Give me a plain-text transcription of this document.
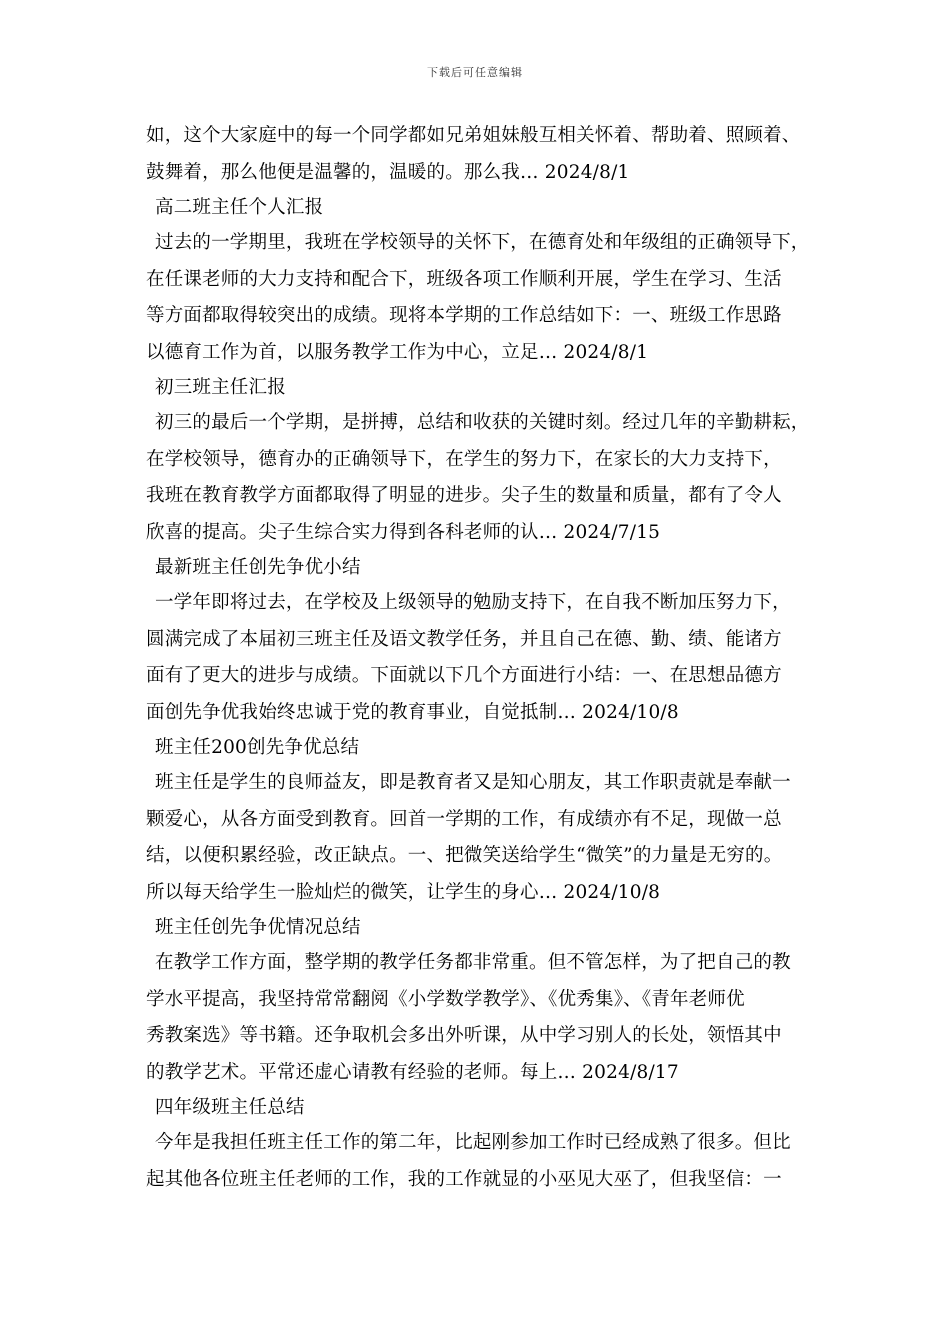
下载后可任意编辑
如，这个大家庭中的每一个同学都如兄弟姐妹般互相关怀着、帮助着、照顾着、
鼓舞着，那么他便是温馨的，温暖的。那么我… 2024/8/1
高二班主任个人汇报
过去的一学期里，我班在学校领导的关怀下，在德育处和年级组的正确领导下，
在任课老师的大力支持和配合下，班级各项工作顺利开展，学生在学习、生活
等方面都取得较突出的成绩。现将本学期的工作总结如下：一、班级工作思路
以德育工作为首，以服务教学工作为中心，立足… 2024/8/1
初三班主任汇报
初三的最后一个学期，是拼搏，总结和收获的关键时刻。经过几年的辛勤耕耘，
在学校领导，德育办的正确领导下，在学生的努力下，在家长的大力支持下，
我班在教育教学方面都取得了明显的进步。尖子生的数量和质量，都有了令人
欣喜的提高。尖子生综合实力得到各科老师的认… 2024/7/15
最新班主任创先争优小结
一学年即将过去，在学校及上级领导的勉励支持下，在自我不断加压努力下，
圆满完成了本届初三班主任及语文教学任务，并且自己在德、勤、绩、能诸方
面有了更大的进步与成绩。下面就以下几个方面进行小结：一、在思想品德方
面创先争优我始终忠诚于党的教育事业，自觉抵制… 2024/10/8
班主任200创先争优总结
班主任是学生的良师益友，即是教育者又是知心朋友，其工作职责就是奉献一
颗爱心，从各方面受到教育。回首一学期的工作，有成绩亦有不足，现做一总
结，以便积累经验，改正缺点。一、把微笑送给学生“微笑”的力量是无穷的。
所以每天给学生一脸灿烂的微笑，让学生的身心… 2024/10/8
班主任创先争优情况总结
在教学工作方面，整学期的教学任务都非常重。但不管怎样，为了把自己的教
学水平提高，我坚持常常翻阅《小学数学教学》、《优秀集》、《青年老师优
秀教案选》等书籍。还争取机会多出外听课，从中学习别人的长处，领悟其中
的教学艺术。平常还虚心请教有经验的老师。每上… 2024/8/17
四年级班主任总结
今年是我担任班主任工作的第二年，比起刚参加工作时已经成熟了很多。但比
起其他各位班主任老师的工作，我的工作就显的小巫见大巫了，但我坚信：一
